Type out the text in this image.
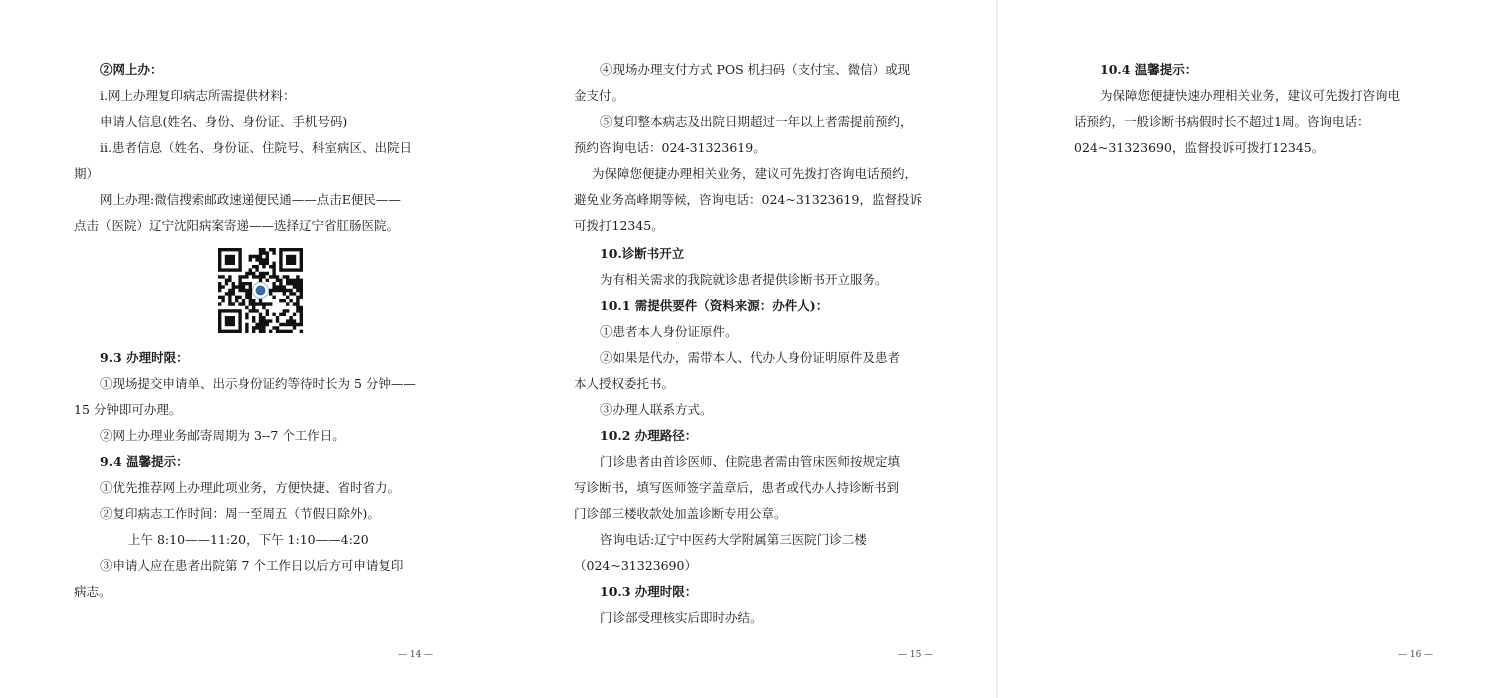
②网上办：

i.网上办理复印病志所需提供材料：

申请人信息(姓名、身份、身份证、手机号码)

ii.患者信息（姓名、身份证、住院号、科室病区、出院日

期）

网上办理:微信搜索邮政速递便民通——点击E便民——

点击（医院）辽宁沈阳病案寄递——选择辽宁省肛肠医院。

9.3 办理时限：

①现场提交申请单、出示身份证约等待时长为 5 分钟——

15 分钟即可办理。

②网上办理业务邮寄周期为 3--7 个工作日。

9.4 温馨提示：

①优先推荐网上办理此项业务，方便快捷、省时省力。

②复印病志工作时间：周一至周五（节假日除外)。

上午 8:10——11:20，下午 1:10——4:20

③申请人应在患者出院第 7 个工作日以后方可申请复印

病志。

— 14 —

④现场办理支付方式 POS 机扫码（支付宝、微信）或现

金支付。

⑤复印整本病志及出院日期超过一年以上者需提前预约，

预约咨询电话：024-31323619。

为保障您便捷办理相关业务，建议可先拨打咨询电话预约，

避免业务高峰期等候，咨询电话：024~31323619，监督投诉

可拨打12345。

10.诊断书开立

为有相关需求的我院就诊患者提供诊断书开立服务。

10.1 需提供要件（资料来源：办件人)：

①患者本人身份证原件。

②如果是代办，需带本人、代办人身份证明原件及患者

本人授权委托书。

③办理人联系方式。

10.2 办理路径：

门诊患者由首诊医师、住院患者需由管床医师按规定填

写诊断书，填写医师签字盖章后，患者或代办人持诊断书到

门诊部三楼收款处加盖诊断专用公章。

咨询电话:辽宁中医药大学附属第三医院门诊二楼

（024~31323690）

10.3 办理时限：

门诊部受理核实后即时办结。

— 15 —

10.4 温馨提示：

为保障您便捷快速办理相关业务，建议可先拨打咨询电

话预约，一般诊断书病假时长不超过1周。咨询电话：

024~31323690，监督投诉可拨打12345。

— 16 —
